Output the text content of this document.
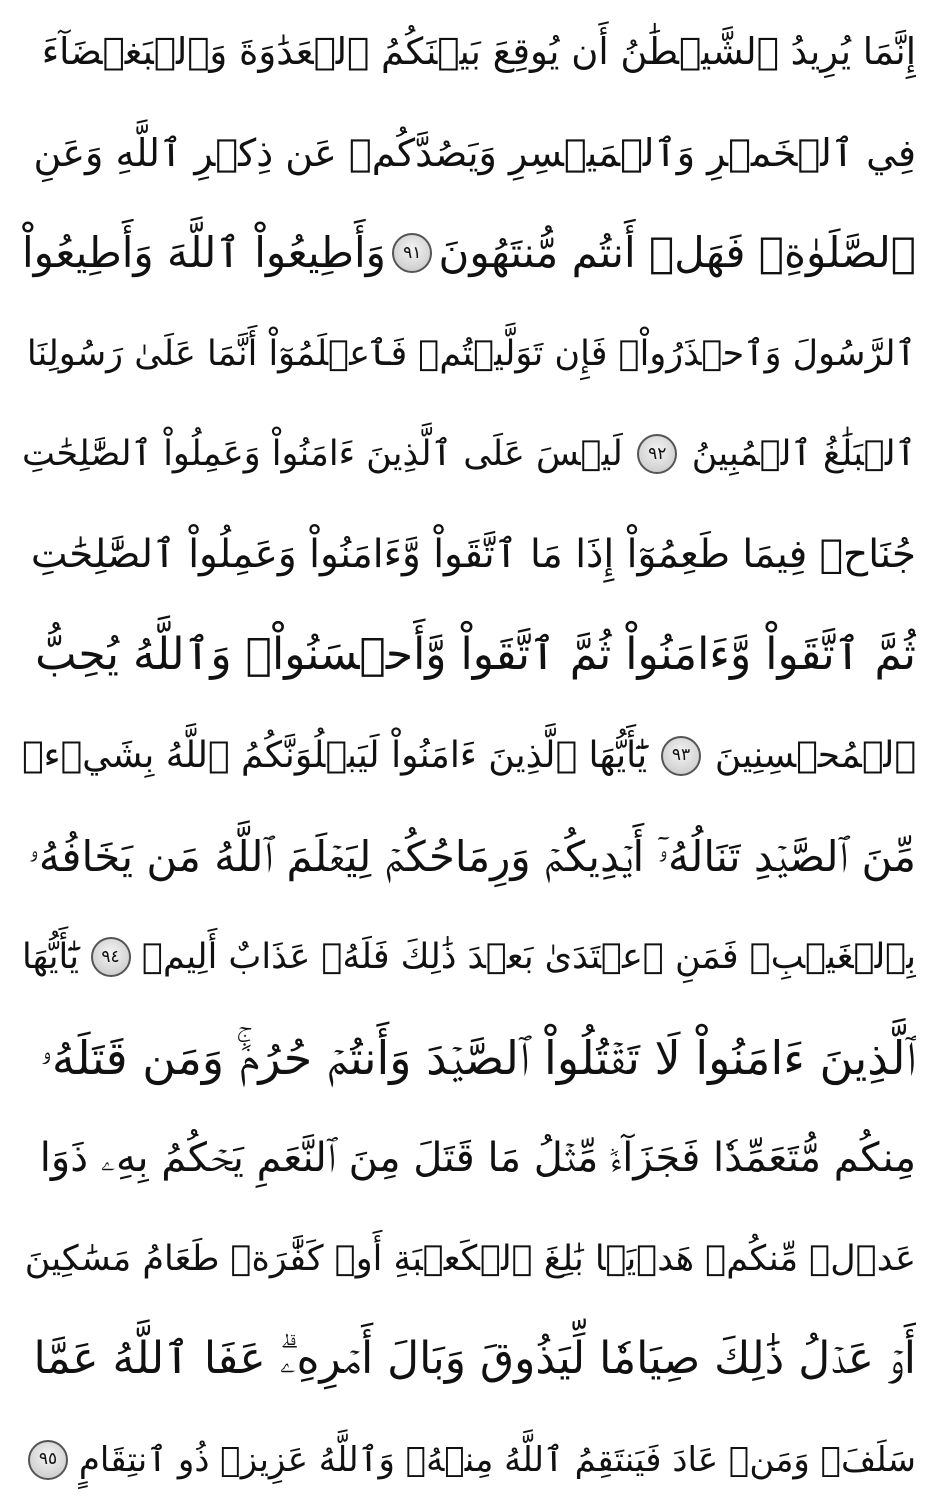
إِنَّمَا يُرِيدُ ٱلشَّيۡطَٰنُ أَن يُوقِعَ بَيۡنَكُمُ ٱلۡعَدَٰوَةَ وَٱلۡبَغۡضَآءَ
فِي ٱلۡخَمۡرِ وَٱلۡمَيۡسِرِ وَيَصُدَّكُمۡ عَن ذِكۡرِ ٱللَّهِ وَعَنِ
ٱلصَّلَوٰةِۖ فَهَلۡ أَنتُم مُّنتَهُونَ
٩١
وَأَطِيعُواْ ٱللَّهَ وَأَطِيعُواْ
ٱلرَّسُولَ وَٱحۡذَرُواْۚ فَإِن تَوَلَّيۡتُمۡ فَٱعۡلَمُوٓاْ أَنَّمَا عَلَىٰ رَسُولِنَا
ٱلۡبَلَٰغُ ٱلۡمُبِينُ
٩٢
لَيۡسَ عَلَى ٱلَّذِينَ ءَامَنُواْ وَعَمِلُواْ ٱلصَّٰلِحَٰتِ
جُنَاحٞ فِيمَا طَعِمُوٓاْ إِذَا مَا ٱتَّقَواْ وَّءَامَنُواْ وَعَمِلُواْ ٱلصَّٰلِحَٰتِ
ثُمَّ ٱتَّقَواْ وَّءَامَنُواْ ثُمَّ ٱتَّقَواْ وَّأَحۡسَنُواْۚ وَٱللَّهُ يُحِبُّ
ٱلۡمُحۡسِنِينَ
٩٣
يَٰٓأَيُّهَا ٱلَّذِينَ ءَامَنُواْ لَيَبۡلُوَنَّكُمُ ٱللَّهُ بِشَيۡءٖ
مِّنَ ٱلصَّيۡدِ تَنَالُهُۥٓ أَيۡدِيكُمۡ وَرِمَاحُكُمۡ لِيَعۡلَمَ ٱللَّهُ مَن يَخَافُهُۥ
بِٱلۡغَيۡبِۚ فَمَنِ ٱعۡتَدَىٰ بَعۡدَ ذَٰلِكَ فَلَهُۥ عَذَابٌ أَلِيمٞ
٩٤
يَٰٓأَيُّهَا
ٱلَّذِينَ ءَامَنُواْ لَا تَقۡتُلُواْ ٱلصَّيۡدَ وَأَنتُمۡ حُرُمٞۚ وَمَن قَتَلَهُۥ
مِنكُم مُّتَعَمِّدٗا فَجَزَآءٞ مِّثۡلُ مَا قَتَلَ مِنَ ٱلنَّعَمِ يَحۡكُمُ بِهِۦ ذَوَا
عَدۡلٖ مِّنكُمۡ هَدۡيَۢا بَٰلِغَ ٱلۡكَعۡبَةِ أَوۡ كَفَّٰرَةٞ طَعَامُ مَسَٰكِينَ
أَوۡ عَدۡلُ ذَٰلِكَ صِيَامٗا لِّيَذُوقَ وَبَالَ أَمۡرِهِۦۗ عَفَا ٱللَّهُ عَمَّا
سَلَفَۚ وَمَنۡ عَادَ فَيَنتَقِمُ ٱللَّهُ مِنۡهُۚ وَٱللَّهُ عَزِيزٞ ذُو ٱنتِقَامٍ
٩٥
